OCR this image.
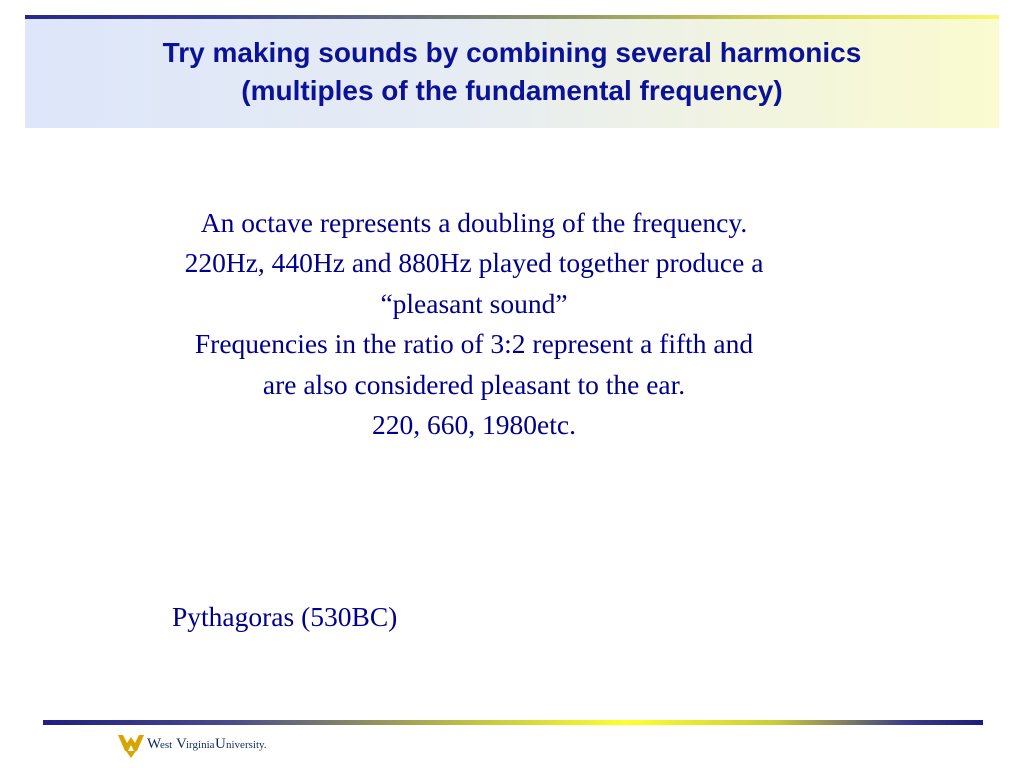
Try making sounds by combining several harmonics
(multiples of the fundamental frequency)
An octave represents a doubling of the frequency.
220Hz, 440Hz and 880Hz played together produce a
“pleasant sound”
Frequencies in the ratio of 3:2 represent a fifth and
are also considered pleasant to the ear.
220, 660, 1980etc.
Pythagoras (530BC)
W
est V irginia U niversity.
